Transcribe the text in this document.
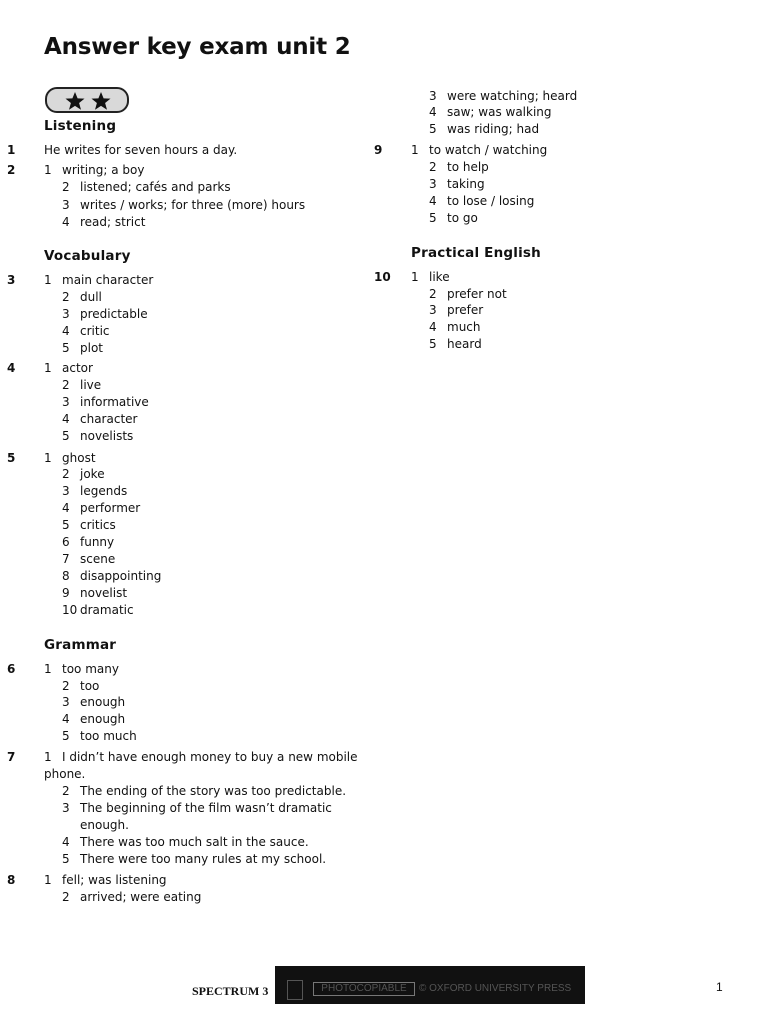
Answer key exam unit 2
Listening
1 He writes for seven hours a day.
2 1 writing; a boy
2 listened; cafés and parks
3 writes / works; for three (more) hours
4 read; strict
Vocabulary
3 1 main character
2 dull
3 predictable
4 critic
5 plot
4 1 actor
2 live
3 informative
4 character
5 novelists
5 1 ghost
2 joke
3 legends
4 performer
5 critics
6 funny
7 scene
8 disappointing
9 novelist
10 dramatic
Grammar
6 1 too many
2 too
3 enough
4 enough
5 too much
7 1 I didn’t have enough money to buy a new mobile
phone.
2 The ending of the story was too predictable.
3 The beginning of the film wasn’t dramatic
enough.
4 There was too much salt in the sauce.
5 There were too many rules at my school.
8 1 fell; was listening
2 arrived; were eating
3 were watching; heard
4 saw; was walking
5 was riding; had
9 1 to watch / watching
2 to help
3 taking
4 to lose / losing
5 to go
Practical English
10 1 like
2 prefer not
3 prefer
4 much
5 heard
SPECTRUM 3	PHOTOCOPIABLE	© OXFORD UNIVERSITY PRESS	1
